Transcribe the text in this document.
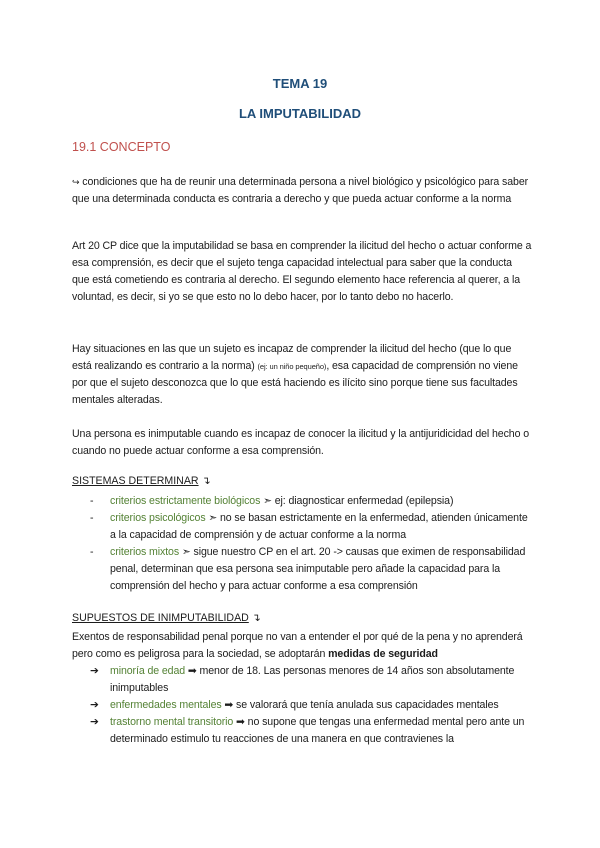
TEMA 19
LA IMPUTABILIDAD
19.1 CONCEPTO

↪ condiciones que ha de reunir una determinada persona a nivel biológico y psicológico para saber que una determinada conducta es contraria a derecho y que pueda actuar conforme a la norma

Art 20 CP dice que la imputabilidad se basa en comprender la ilicitud del hecho o actuar conforme a esa comprensión, es decir que el sujeto tenga capacidad intelectual para saber que la conducta que está cometiendo es contraria al derecho. El segundo elemento hace referencia al querer, a la voluntad, es decir, si yo se que esto no lo debo hacer, por lo tanto debo no hacerlo.

Hay situaciones en las que un sujeto es incapaz de comprender la ilicitud del hecho (que lo que está realizando es contrario a la norma) (ej: un niño pequeño), esa capacidad de comprensión no viene por que el sujeto desconozca que lo que está haciendo es ilícito sino porque tiene sus facultades mentales alteradas.

Una persona es inimputable cuando es incapaz de conocer la ilicitud y la antijuridicidad del hecho o cuando no puede actuar conforme a esa comprensión.

SISTEMAS DETERMINAR ↴
- criterios estrictamente biológicos ➣ ej: diagnosticar enfermedad (epilepsia)
- criterios psicológicos ➣ no se basan estrictamente en la enfermedad, atienden únicamente a la capacidad de comprensión y de actuar conforme a la norma
- criterios mixtos ➣ sigue nuestro CP en el art. 20 -> causas que eximen de responsabilidad penal, determinan que esa persona sea inimputable pero añade la capacidad para la comprensión del hecho y para actuar conforme a esa comprensión
SUPUESTOS DE INIMPUTABILIDAD ↴

Exentos de responsabilidad penal porque no van a entender el por qué de la pena y no aprenderá pero como es peligrosa para la sociedad, se adoptarán medidas de seguridad

➔ minoría de edad ➡ menor de 18. Las personas menores de 14 años son absolutamente inimputables
➔ enfermedades mentales ➡ se valorará que tenía anulada sus capacidades mentales
➔ trastorno mental transitorio ➡ no supone que tengas una enfermedad mental pero ante un determinado estimulo tu reacciones de una manera en que contravienes la
